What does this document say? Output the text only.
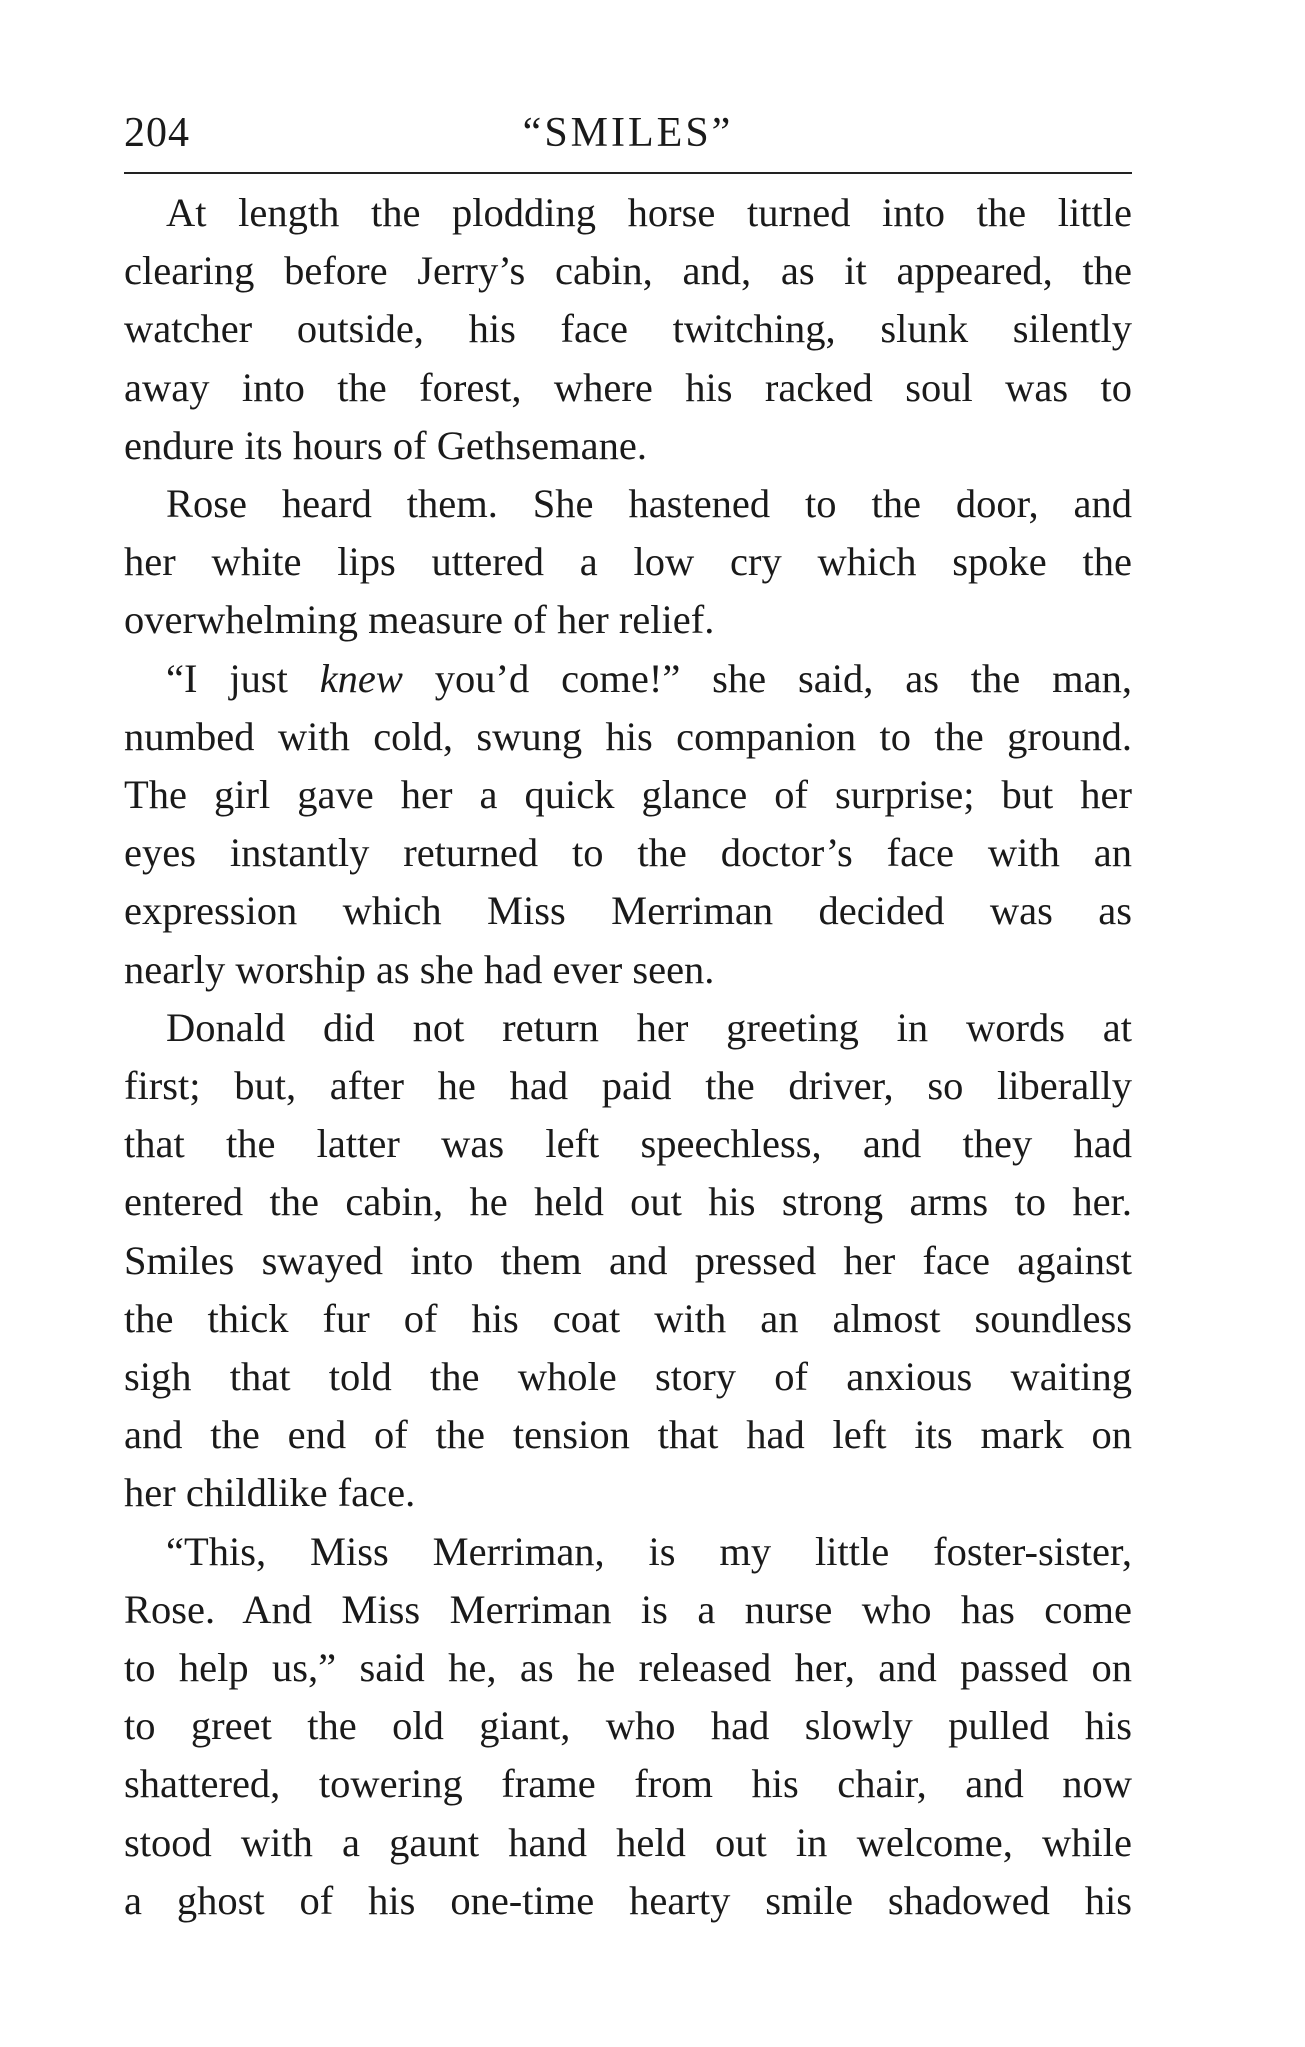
204	“SMILES”

At length the plodding horse turned into the little
clearing before Jerry’s cabin, and, as it appeared, the
watcher outside, his face twitching, slunk silently
away into the forest, where his racked soul was to
endure its hours of Gethsemane.

Rose heard them. She hastened to the door, and
her white lips uttered a low cry which spoke the
overwhelming measure of her relief.

“I just knew you’d come!” she said, as the man,
numbed with cold, swung his companion to the ground.
The girl gave her a quick glance of surprise; but her
eyes instantly returned to the doctor’s face with an
expression which Miss Merriman decided was as
nearly worship as she had ever seen.

Donald did not return her greeting in words at
first; but, after he had paid the driver, so liberally
that the latter was left speechless, and they had
entered the cabin, he held out his strong arms to her.
Smiles swayed into them and pressed her face against
the thick fur of his coat with an almost soundless
sigh that told the whole story of anxious waiting
and the end of the tension that had left its mark on
her childlike face.

“This, Miss Merriman, is my little foster-sister,
Rose. And Miss Merriman is a nurse who has come
to help us,” said he, as he released her, and passed on
to greet the old giant, who had slowly pulled his
shattered, towering frame from his chair, and now
stood with a gaunt hand held out in welcome, while
a ghost of his one-time hearty smile shadowed his
